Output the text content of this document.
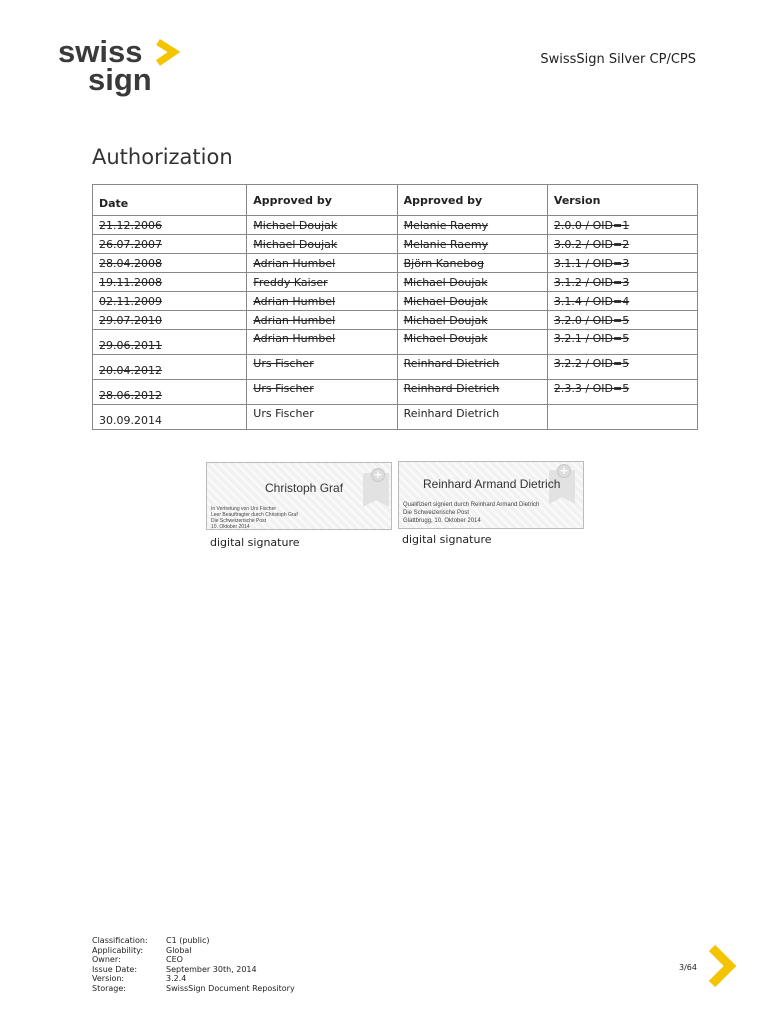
swiss
sign
SwissSign Silver CP/CPS
Authorization
Date	Approved by	Approved by	Version
21.12.2006	Michael Doujak	Melanie Raemy	2.0.0 / OID=1
26.07.2007	Michael Doujak	Melanie Raemy	3.0.2 / OID=2
28.04.2008	Adrian Humbel	Björn Kanebog	3.1.1 / OID=3
19.11.2008	Freddy Kaiser	Michael Doujak	3.1.2 / OID=3
02.11.2009	Adrian Humbel	Michael Doujak	3.1.4 / OID=4
29.07.2010	Adrian Humbel	Michael Doujak	3.2.0 / OID=5
29.06.2011	Adrian Humbel	Michael Doujak	3.2.1 / OID=5
20.04.2012	Urs Fischer	Reinhard Dietrich	3.2.2 / OID=5
28.06.2012	Urs Fischer	Reinhard Dietrich	2.3.3 / OID=5
30.09.2014	Urs Fischer	Reinhard Dietrich	
+
Christoph Graf
In Vertretung von Urs Fischer
Leer Beauftragter durch Christoph Graf
Die Schweizerische Post
10. Oktober 2014
digital signature
+
Reinhard Armand Dietrich
Qualifiziert signiert durch Reinhard Armand Dietrich
Die Schweizerische Post
Glattbrugg, 10. Oktober 2014
digital signature
Classification:	C1 (public)
Applicability:	Global
Owner:	CEO
Issue Date:	September 30th, 2014
Version:	3.2.4
Storage:	SwissSign Document Repository
3/64
